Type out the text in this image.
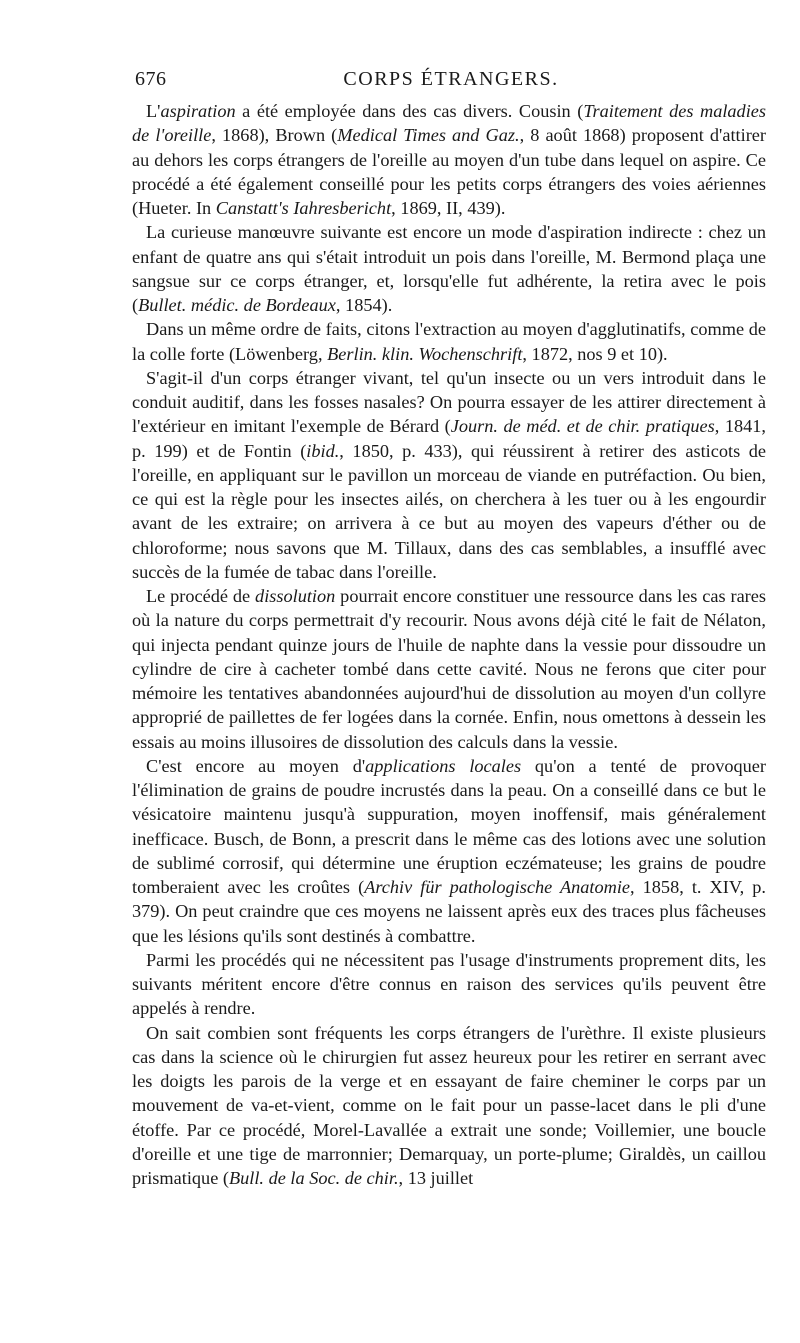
676	CORPS ÉTRANGERS.

L'aspiration a été employée dans des cas divers. Cousin (Traitement des maladies de l'oreille, 1868), Brown (Medical Times and Gaz., 8 août 1868) proposent d'attirer au dehors les corps étrangers de l'oreille au moyen d'un tube dans lequel on aspire. Ce procédé a été également conseillé pour les petits corps étrangers des voies aériennes (Hueter. In Canstatt's Iahresbericht, 1869, II, 439).

La curieuse manœuvre suivante est encore un mode d'aspiration indirecte : chez un enfant de quatre ans qui s'était introduit un pois dans l'oreille, M. Bermond plaça une sangsue sur ce corps étranger, et, lorsqu'elle fut adhérente, la retira avec le pois (Bullet. médic. de Bordeaux, 1854).

Dans un même ordre de faits, citons l'extraction au moyen d'agglutinatifs, comme de la colle forte (Löwenberg, Berlin. klin. Wochenschrift, 1872, nos 9 et 10).

S'agit-il d'un corps étranger vivant, tel qu'un insecte ou un vers introduit dans le conduit auditif, dans les fosses nasales? On pourra essayer de les attirer directement à l'extérieur en imitant l'exemple de Bérard (Journ. de méd. et de chir. pratiques, 1841, p. 199) et de Fontin (ibid., 1850, p. 433), qui réussirent à retirer des asticots de l'oreille, en appliquant sur le pavillon un morceau de viande en putréfaction. Ou bien, ce qui est la règle pour les insectes ailés, on cherchera à les tuer ou à les engourdir avant de les extraire; on arrivera à ce but au moyen des vapeurs d'éther ou de chloroforme; nous savons que M. Tillaux, dans des cas semblables, a insufflé avec succès de la fumée de tabac dans l'oreille.

Le procédé de dissolution pourrait encore constituer une ressource dans les cas rares où la nature du corps permettrait d'y recourir. Nous avons déjà cité le fait de Nélaton, qui injecta pendant quinze jours de l'huile de naphte dans la vessie pour dissoudre un cylindre de cire à cacheter tombé dans cette cavité. Nous ne ferons que citer pour mémoire les tentatives abandonnées aujourd'hui de dissolution au moyen d'un collyre approprié de paillettes de fer logées dans la cornée. Enfin, nous omettons à dessein les essais au moins illusoires de dissolution des calculs dans la vessie.

C'est encore au moyen d'applications locales qu'on a tenté de provoquer l'élimination de grains de poudre incrustés dans la peau. On a conseillé dans ce but le vésicatoire maintenu jusqu'à suppuration, moyen inoffensif, mais généralement inefficace. Busch, de Bonn, a prescrit dans le même cas des lotions avec une solution de sublimé corrosif, qui détermine une éruption eczémateuse; les grains de poudre tomberaient avec les croûtes (Archiv für pathologische Anatomie, 1858, t. XIV, p. 379). On peut craindre que ces moyens ne laissent après eux des traces plus fâcheuses que les lésions qu'ils sont destinés à combattre.

Parmi les procédés qui ne nécessitent pas l'usage d'instruments proprement dits, les suivants méritent encore d'être connus en raison des services qu'ils peuvent être appelés à rendre.

On sait combien sont fréquents les corps étrangers de l'urèthre. Il existe plusieurs cas dans la science où le chirurgien fut assez heureux pour les retirer en serrant avec les doigts les parois de la verge et en essayant de faire cheminer le corps par un mouvement de va-et-vient, comme on le fait pour un passe-lacet dans le pli d'une étoffe. Par ce procédé, Morel-Lavallée a extrait une sonde; Voillemier, une boucle d'oreille et une tige de marronnier; Demarquay, un porte-plume; Giraldès, un caillou prismatique (Bull. de la Soc. de chir., 13 juillet
